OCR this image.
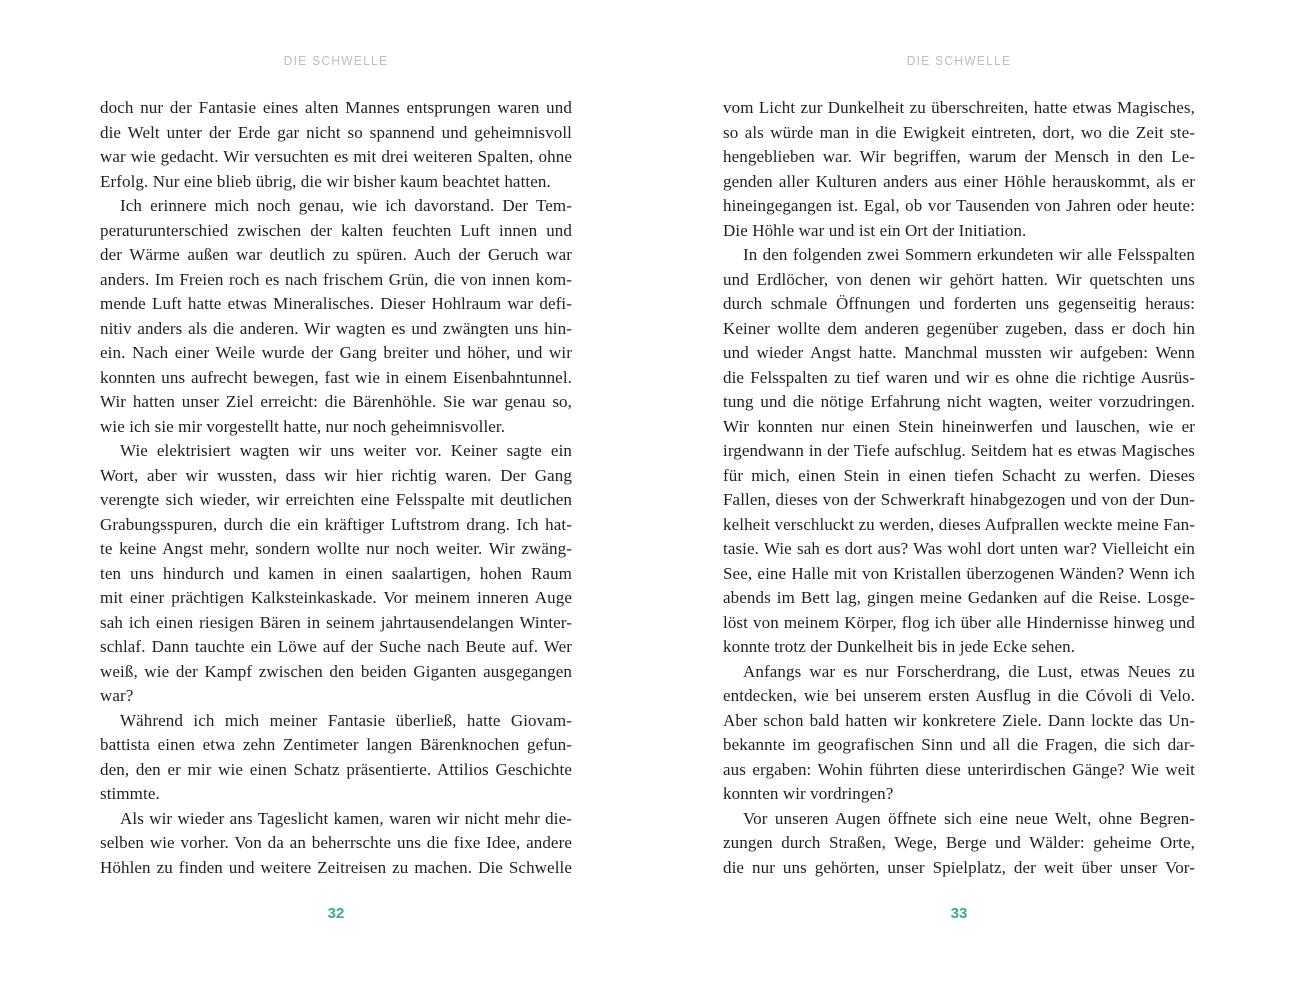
DIE SCHWELLE
doch nur der Fantasie eines alten Mannes entsprungen waren und
die Welt unter der Erde gar nicht so spannend und geheimnisvoll
war wie gedacht. Wir versuchten es mit drei weiteren Spalten, ohne
Erfolg. Nur eine blieb übrig, die wir bisher kaum beachtet hatten.
Ich erinnere mich noch genau, wie ich davorstand. Der Tem-
peraturunterschied zwischen der kalten feuchten Luft innen und
der Wärme außen war deutlich zu spüren. Auch der Geruch war
anders. Im Freien roch es nach frischem Grün, die von innen kom-
mende Luft hatte etwas Mineralisches. Dieser Hohlraum war defi-
nitiv anders als die anderen. Wir wagten es und zwängten uns hin-
ein. Nach einer Weile wurde der Gang breiter und höher, und wir
konnten uns aufrecht bewegen, fast wie in einem Eisenbahntunnel.
Wir hatten unser Ziel erreicht: die Bärenhöhle. Sie war genau so,
wie ich sie mir vorgestellt hatte, nur noch geheimnisvoller.
Wie elektrisiert wagten wir uns weiter vor. Keiner sagte ein
Wort, aber wir wussten, dass wir hier richtig waren. Der Gang
verengte sich wieder, wir erreichten eine Felsspalte mit deutlichen
Grabungsspuren, durch die ein kräftiger Luftstrom drang. Ich hat-
te keine Angst mehr, sondern wollte nur noch weiter. Wir zwäng-
ten uns hindurch und kamen in einen saalartigen, hohen Raum
mit einer prächtigen Kalksteinkaskade. Vor meinem inneren Auge
sah ich einen riesigen Bären in seinem jahrtausendelangen Winter-
schlaf. Dann tauchte ein Löwe auf der Suche nach Beute auf. Wer
weiß, wie der Kampf zwischen den beiden Giganten ausgegangen
war?
Während ich mich meiner Fantasie überließ, hatte Giovam-
battista einen etwa zehn Zentimeter langen Bärenknochen gefun-
den, den er mir wie einen Schatz präsentierte. Attilios Geschichte
stimmte.
Als wir wieder ans Tageslicht kamen, waren wir nicht mehr die-
selben wie vorher. Von da an beherrschte uns die fixe Idee, andere
Höhlen zu finden und weitere Zeitreisen zu machen. Die Schwelle
32
DIE SCHWELLE
vom Licht zur Dunkelheit zu überschreiten, hatte etwas Magisches,
so als würde man in die Ewigkeit eintreten, dort, wo die Zeit ste-
hengeblieben war. Wir begriffen, warum der Mensch in den Le-
genden aller Kulturen anders aus einer Höhle herauskommt, als er
hineingegangen ist. Egal, ob vor Tausenden von Jahren oder heute:
Die Höhle war und ist ein Ort der Initiation.
In den folgenden zwei Sommern erkundeten wir alle Felsspalten
und Erdlöcher, von denen wir gehört hatten. Wir quetschten uns
durch schmale Öffnungen und forderten uns gegenseitig heraus:
Keiner wollte dem anderen gegenüber zugeben, dass er doch hin
und wieder Angst hatte. Manchmal mussten wir aufgeben: Wenn
die Felsspalten zu tief waren und wir es ohne die richtige Ausrüs-
tung und die nötige Erfahrung nicht wagten, weiter vorzudringen.
Wir konnten nur einen Stein hineinwerfen und lauschen, wie er
irgendwann in der Tiefe aufschlug. Seitdem hat es etwas Magisches
für mich, einen Stein in einen tiefen Schacht zu werfen. Dieses
Fallen, dieses von der Schwerkraft hinabgezogen und von der Dun-
kelheit verschluckt zu werden, dieses Aufprallen weckte meine Fan-
tasie. Wie sah es dort aus? Was wohl dort unten war? Vielleicht ein
See, eine Halle mit von Kristallen überzogenen Wänden? Wenn ich
abends im Bett lag, gingen meine Gedanken auf die Reise. Losge-
löst von meinem Körper, flog ich über alle Hindernisse hinweg und
konnte trotz der Dunkelheit bis in jede Ecke sehen.
Anfangs war es nur Forscherdrang, die Lust, etwas Neues zu
entdecken, wie bei unserem ersten Ausflug in die Cóvoli di Velo.
Aber schon bald hatten wir konkretere Ziele. Dann lockte das Un-
bekannte im geografischen Sinn und all die Fragen, die sich dar-
aus ergaben: Wohin führten diese unterirdischen Gänge? Wie weit
konnten wir vordringen?
Vor unseren Augen öffnete sich eine neue Welt, ohne Begren-
zungen durch Straßen, Wege, Berge und Wälder: geheime Orte,
die nur uns gehörten, unser Spielplatz, der weit über unser Vor-
33
